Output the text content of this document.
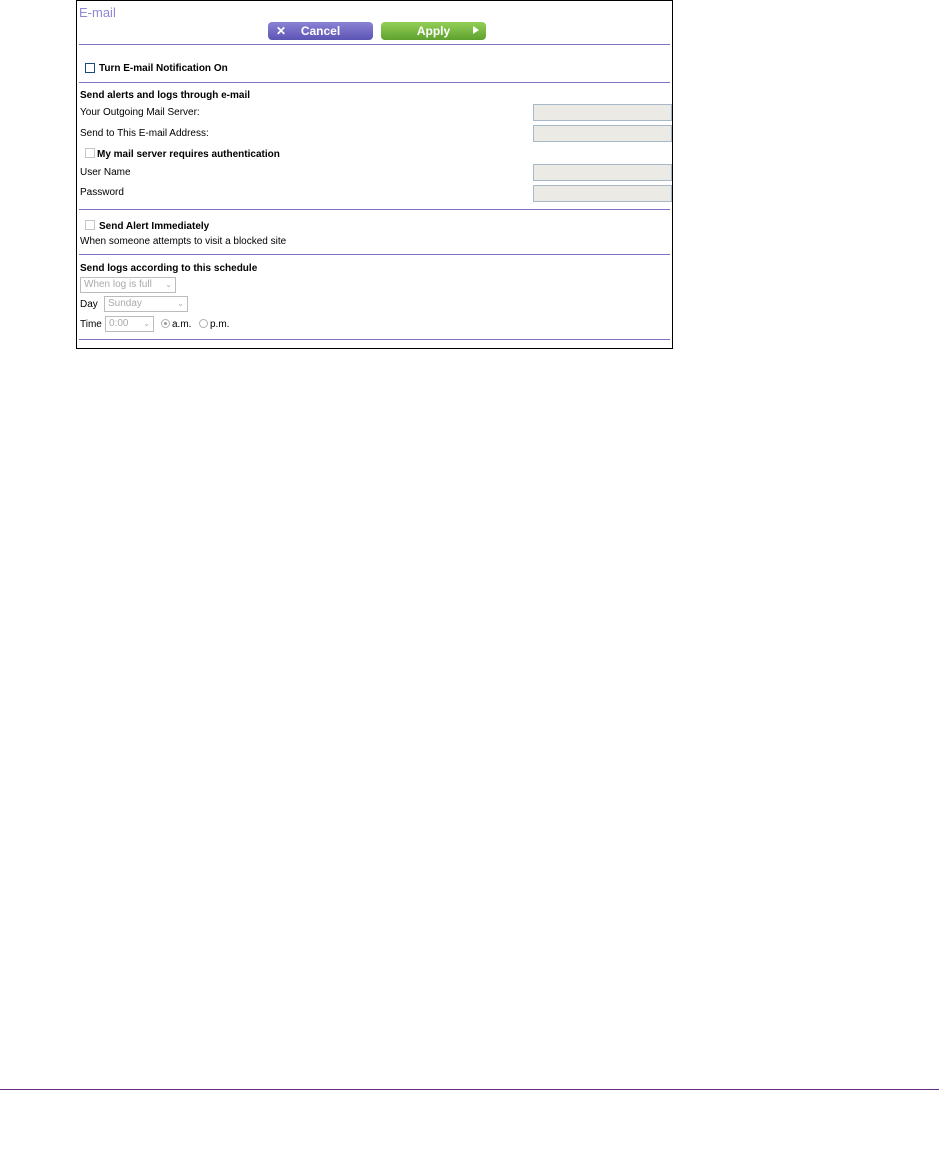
E-mail
✕	Cancel	Apply
Turn E-mail Notification On
Send alerts and logs through e-mail
Your Outgoing Mail Server:
Send to This E-mail Address:
My mail server requires authentication
User Name
Password
Send Alert Immediately
When someone attempts to visit a blocked site
Send logs according to this schedule
When log is full ⌄
Day Sunday	⌄
Time 0:00 ⌄ a.m. p.m.
